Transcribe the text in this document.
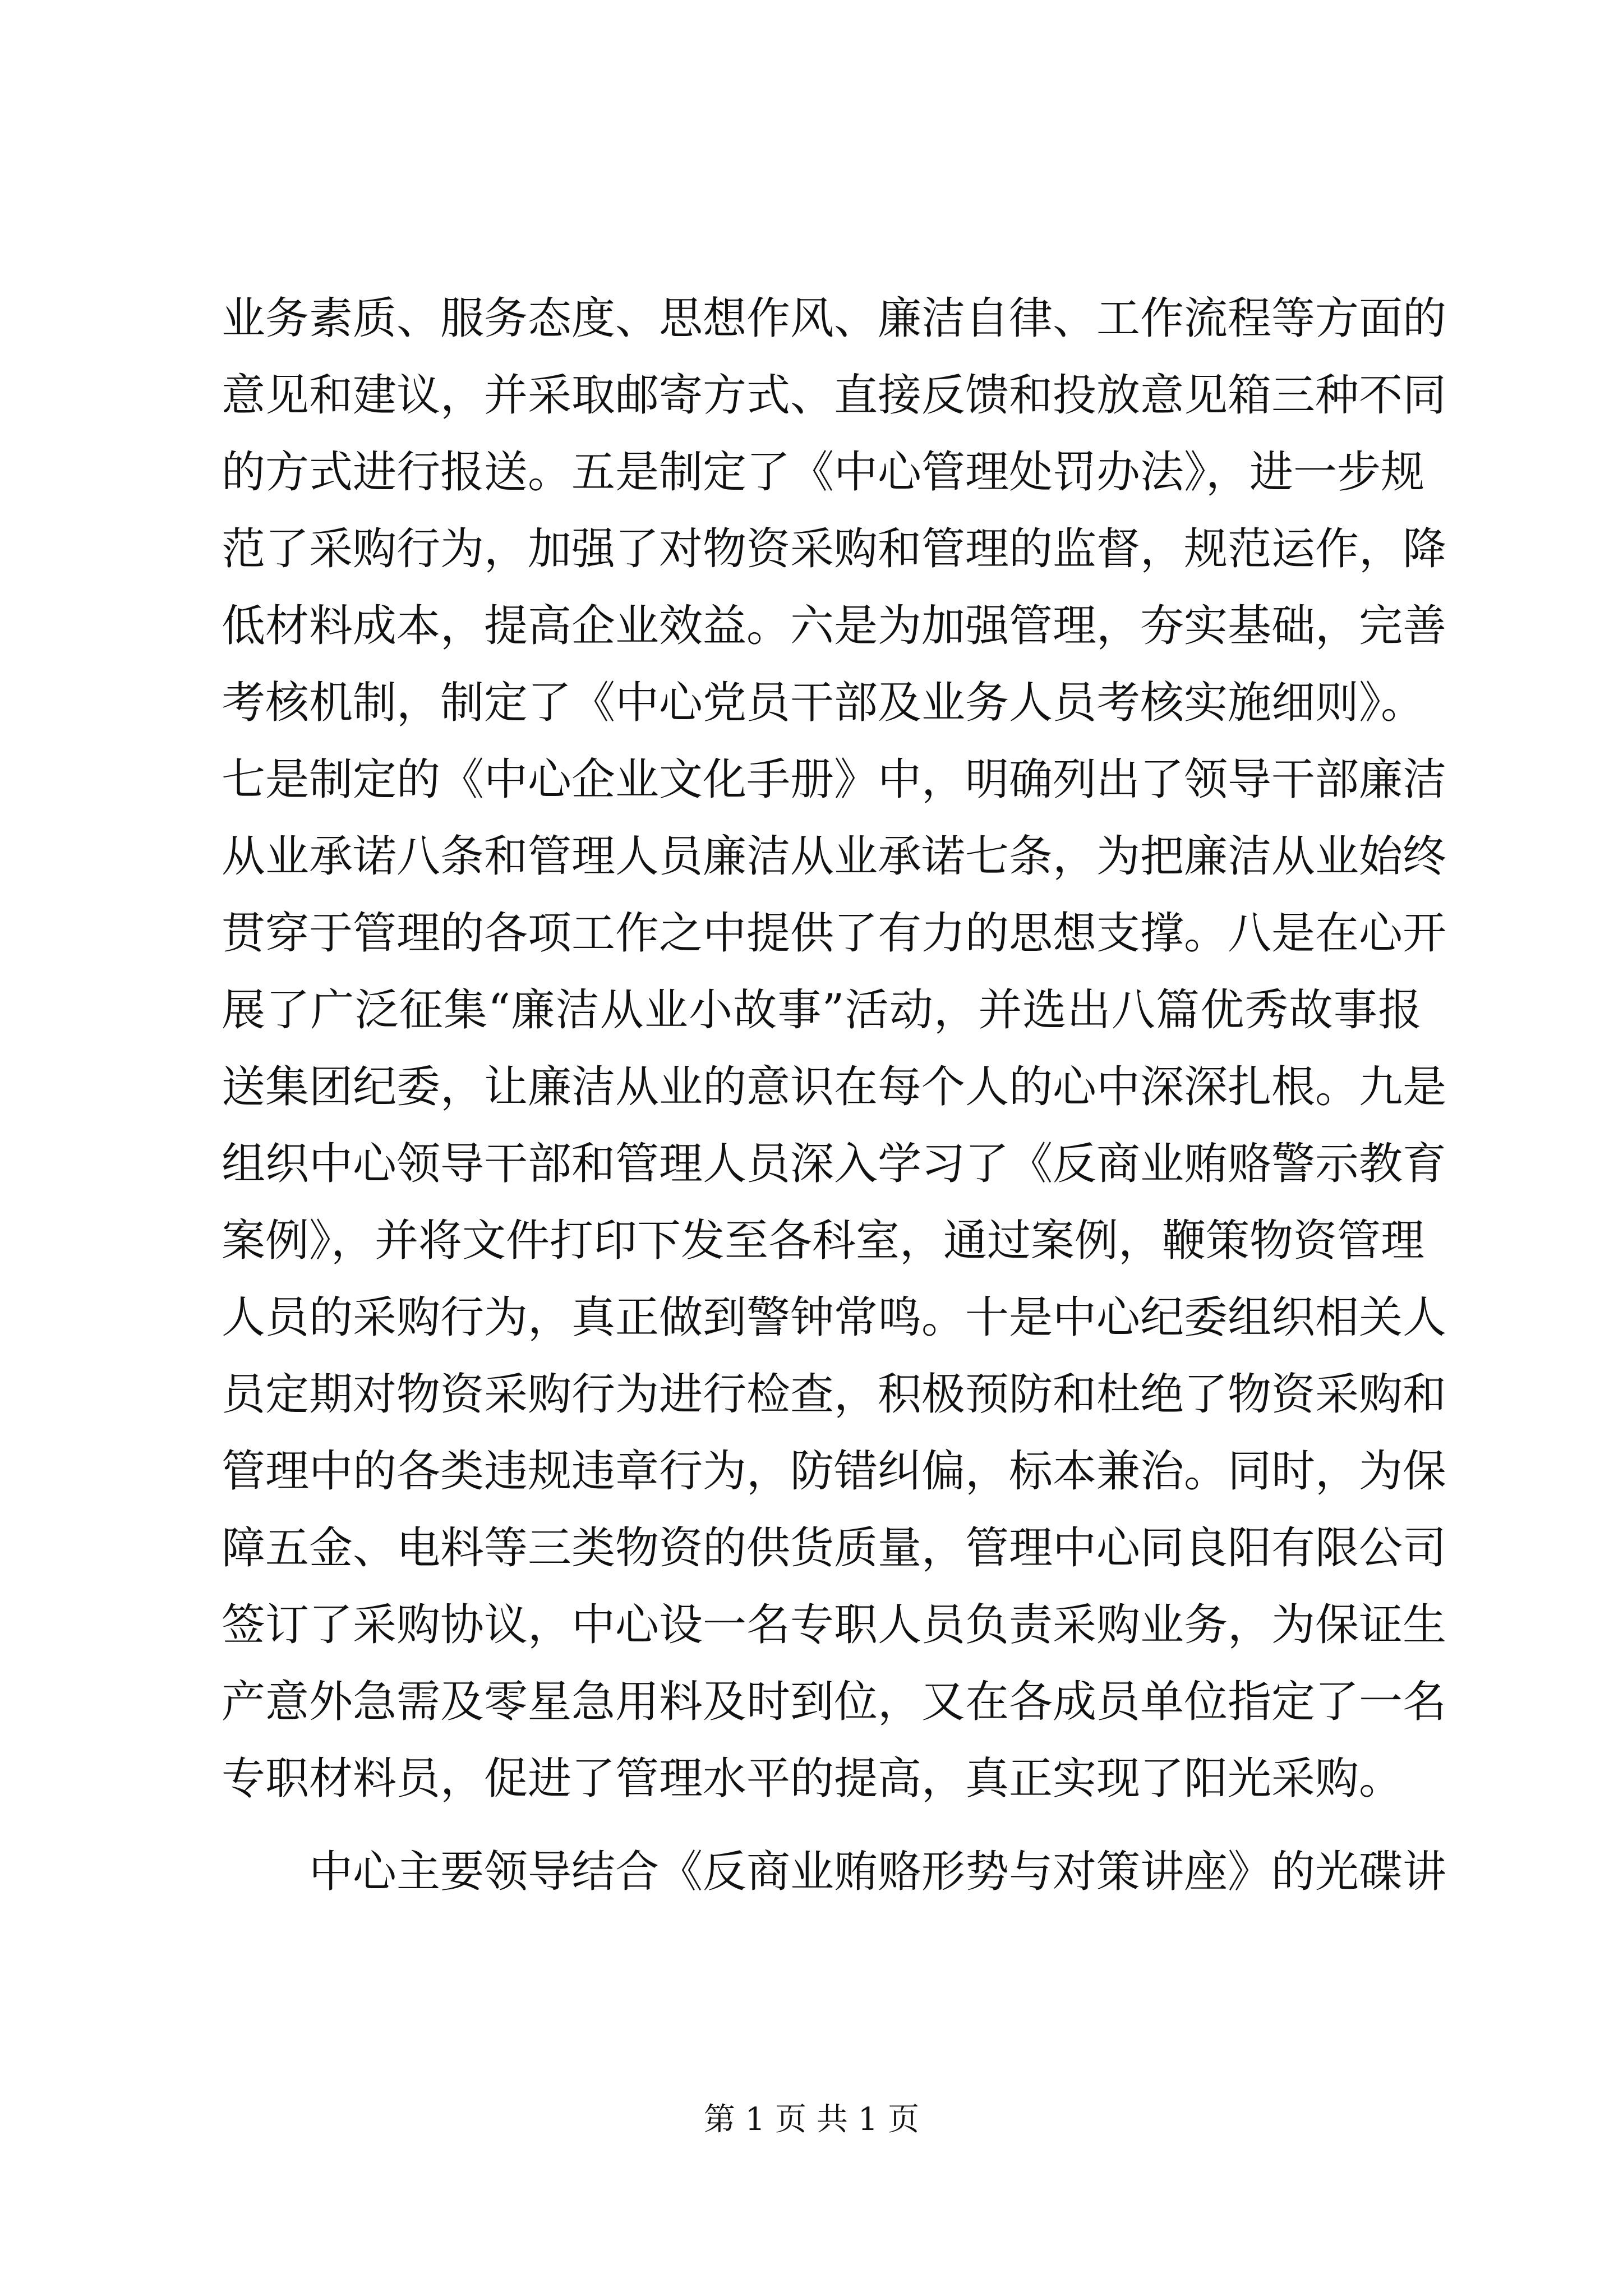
业务素质、服务态度、思想作风、廉洁自律、工作流程等方面的
意见和建议，并采取邮寄方式、直接反馈和投放意见箱三种不同
的方式进行报送。五是制定了《中心管理处罚办法》，进一步规
范了采购行为，加强了对物资采购和管理的监督，规范运作，降
低材料成本，提高企业效益。六是为加强管理，夯实基础，完善
考核机制，制定了《中心党员干部及业务人员考核实施细则》。
七是制定的《中心企业文化手册》中，明确列出了领导干部廉洁
从业承诺八条和管理人员廉洁从业承诺七条，为把廉洁从业始终
贯穿于管理的各项工作之中提供了有力的思想支撑。八是在心开
展了广泛征集“廉洁从业小故事”活动，并选出八篇优秀故事报
送集团纪委，让廉洁从业的意识在每个人的心中深深扎根。九是
组织中心领导干部和管理人员深入学习了《反商业贿赂警示教育
案例》，并将文件打印下发至各科室，通过案例，鞭策物资管理
人员的采购行为，真正做到警钟常鸣。十是中心纪委组织相关人
员定期对物资采购行为进行检查，积极预防和杜绝了物资采购和
管理中的各类违规违章行为，防错纠偏，标本兼治。同时，为保
障五金、电料等三类物资的供货质量，管理中心同良阳有限公司
签订了采购协议，中心设一名专职人员负责采购业务，为保证生
产意外急需及零星急用料及时到位，又在各成员单位指定了一名
专职材料员，促进了管理水平的提高，真正实现了阳光采购。
中心主要领导结合《反商业贿赂形势与对策讲座》的光碟讲
第 1 页 共 1 页
